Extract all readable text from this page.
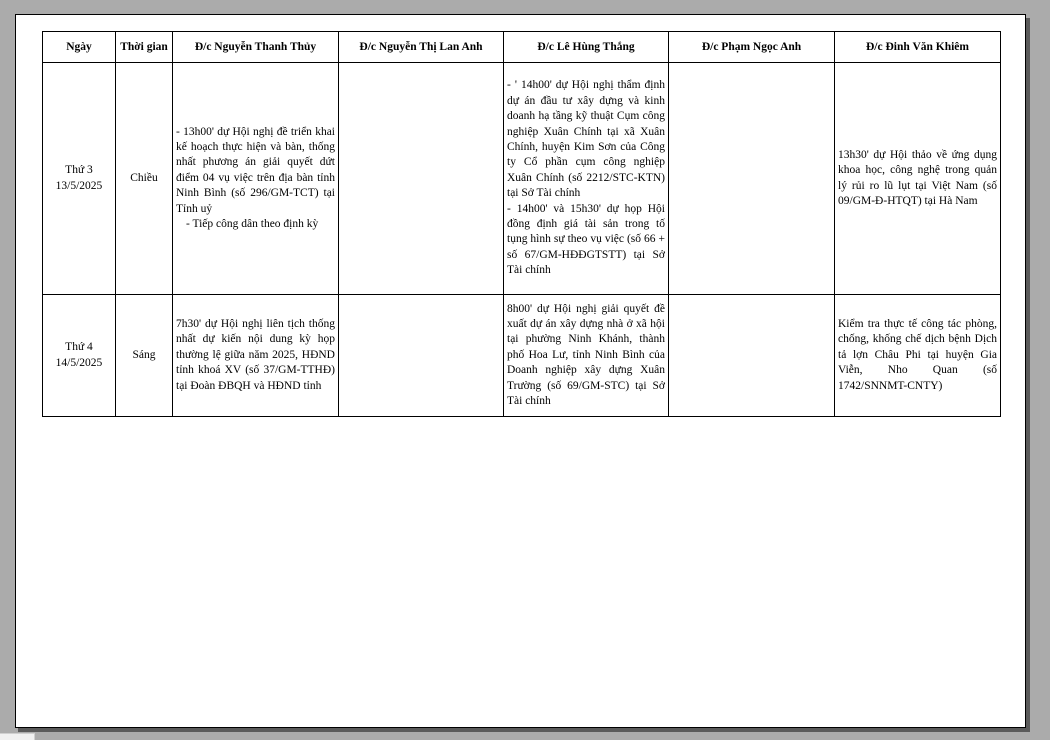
Ngày	Thời gian	Đ/c Nguyễn Thanh Thủy	Đ/c Nguyễn Thị Lan Anh	Đ/c Lê Hùng Thắng	Đ/c Phạm Ngọc Anh	Đ/c Đinh Văn Khiêm

Thứ 3
13/5/2025	Chiều	- 13h00' dự Hội nghị đề triển khai kế hoạch thực hiện và bàn, thống nhất phương án giải quyết dứt điểm 04 vụ việc trên địa bàn tỉnh Ninh Bình (số 296/GM-TCT) tại Tỉnh uỷ
- Tiếp công dân theo định kỳ		- ' 14h00' dự Hội nghị thẩm định dự án đầu tư xây dựng và kinh doanh hạ tầng kỹ thuật Cụm công nghiệp Xuân Chính tại xã Xuân Chính, huyện Kim Sơn của Công ty Cổ phần cụm công nghiệp Xuân Chính (số 2212/STC-KTN) tại Sở Tài chính
- 14h00' và 15h30' dự họp Hội đồng định giá tài sản trong tố tụng hình sự theo vụ việc (số 66 + số 67/GM-HĐĐGTSTT) tại Sở Tài chính		13h30' dự Hội thảo về ứng dụng khoa học, công nghệ trong quản lý rủi ro lũ lụt tại Việt Nam (số 09/GM-Đ-HTQT) tại Hà Nam

Thứ 4
14/5/2025	Sáng	7h30' dự Hội nghị liên tịch thống nhất dự kiến nội dung kỳ họp thường lệ giữa năm 2025, HĐND tỉnh khoá XV (số 37/GM-TTHĐ) tại Đoàn ĐBQH và HĐND tỉnh		8h00' dự Hội nghị giải quyết đề xuất dự án xây dựng nhà ở xã hội tại phường Ninh Khánh, thành phố Hoa Lư, tỉnh Ninh Bình của Doanh nghiệp xây dựng Xuân Trường (số 69/GM-STC) tại Sở Tài chính		Kiểm tra thực tế công tác phòng, chống, khống chế dịch bệnh Dịch tả lợn Châu Phi tại huyện Gia Viễn, Nho Quan (số 1742/SNNMT-CNTY)
